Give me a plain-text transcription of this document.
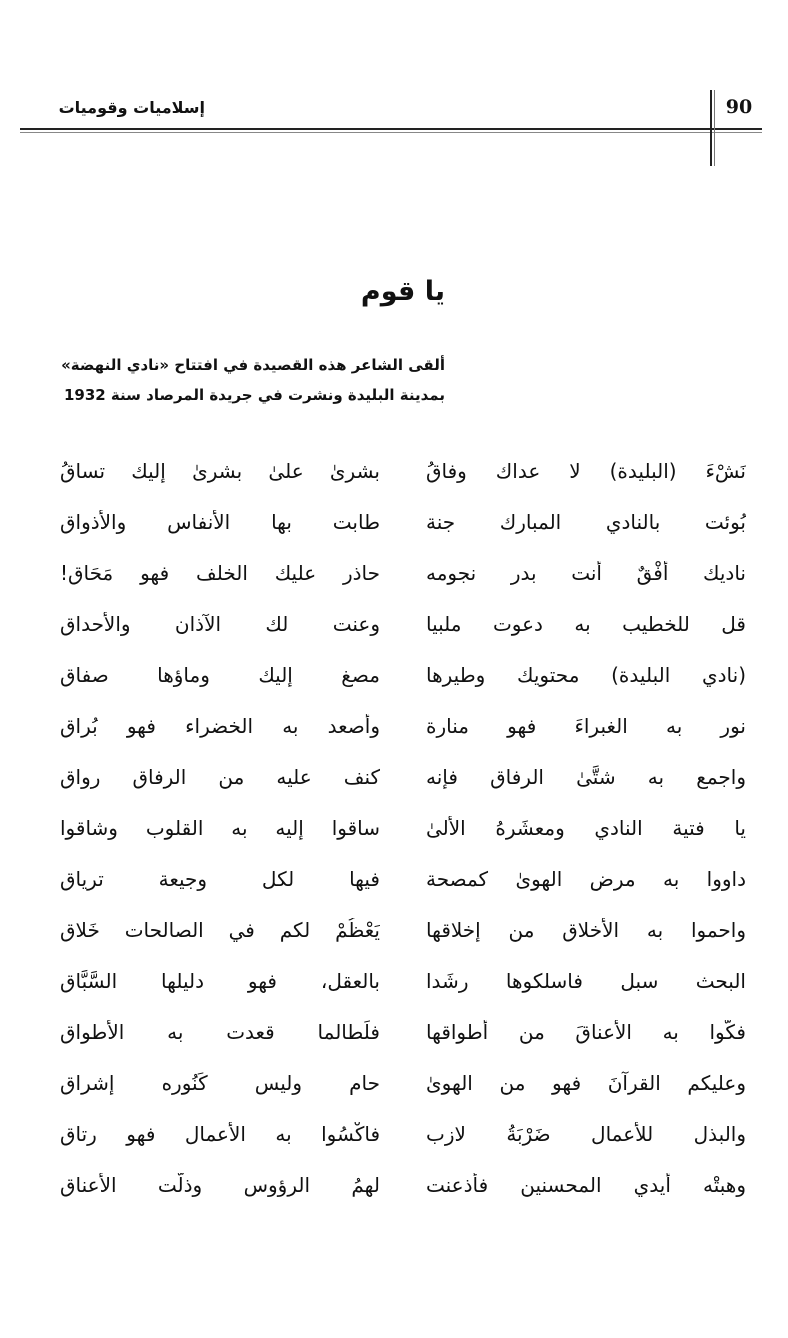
90
إسلاميات وقوميات
يا قوم
ألقى الشاعر هذه القصيدة في افتتاح «نادي النهضة»
بمدينة البليدة ونشرت في جريدة المرصاد سنة 1932
نَشْءَ (البليدة) لا عداك وفاقُ
بشرىٰ علىٰ بشرىٰ إليك تساقُ
بُوئت بالنادي المبارك جنة
طابت بها الأنفاس والأذواق
ناديك أُفْقٌ أنت بدر نجومه
حاذر عليك الخلف فهو مَحَاق!
قل للخطيب به دعوت ملبيا
وعنت لك الآذان والأحداق
(نادي البليدة) محتويك وطيرها
مصغ إليك وماؤها صفاق
نور به الغبراءَ فهو منارة
وأصعد به الخضراء فهو بُراق
واجمع به شتَّىٰ الرفاق فإنه
كنف عليه من الرفاق رواق
يا فتية النادي ومعشَرهُ الأُلىٰ
ساقوا إليه به القلوب وشاقوا
داووا به مرض الهوىٰ كمصحة
فيها لكل وجيعة ترياق
واحموا به الأخلاق من إخلاقها
يَعْظُمْ لكم في الصالحات خَلاق
البحث سبل فاسلكوها رشَدا
بالعقل، فهو دليلها السَّبَّاق
فكُّوا به الأعناقَ من أطواقها
فلَطالما قعدت به الأطواق
وعليكم القرآنَ فهو من الهوىٰ
حام وليس كَنُوره إشراق
والبذل للأعمال ضَرْبَةُ لازب
فاكْسُوا به الأعمال فهو رتاق
وهبتْه أيدي المحسنين فأذعنت
لهمُ الرؤوس وذلَّت الأعناق
